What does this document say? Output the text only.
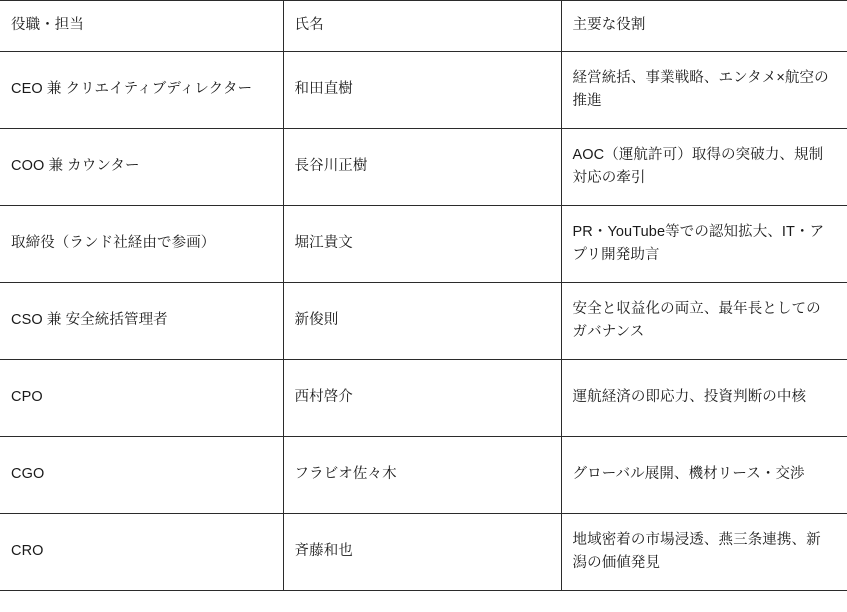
役職・担当	氏名	主要な役割
CEO 兼 クリエイティブディレクター	和田直樹	経営統括、事業戦略、エンタメ×航空の推進
COO 兼 カウンター	長谷川正樹	AOC（運航許可）取得の突破力、規制対応の牽引
取締役（ランド社経由で参画）	堀江貴文	PR・YouTube等での認知拡大、IT・アプリ開発助言
CSO 兼 安全統括管理者	新俊則	安全と収益化の両立、最年長としてのガバナンス
CPO	西村啓介	運航経済の即応力、投資判断の中核
CGO	フラビオ佐々木	グローバル展開、機材リース・交渉
CRO	斉藤和也	地域密着の市場浸透、燕三条連携、新潟の価値発見
